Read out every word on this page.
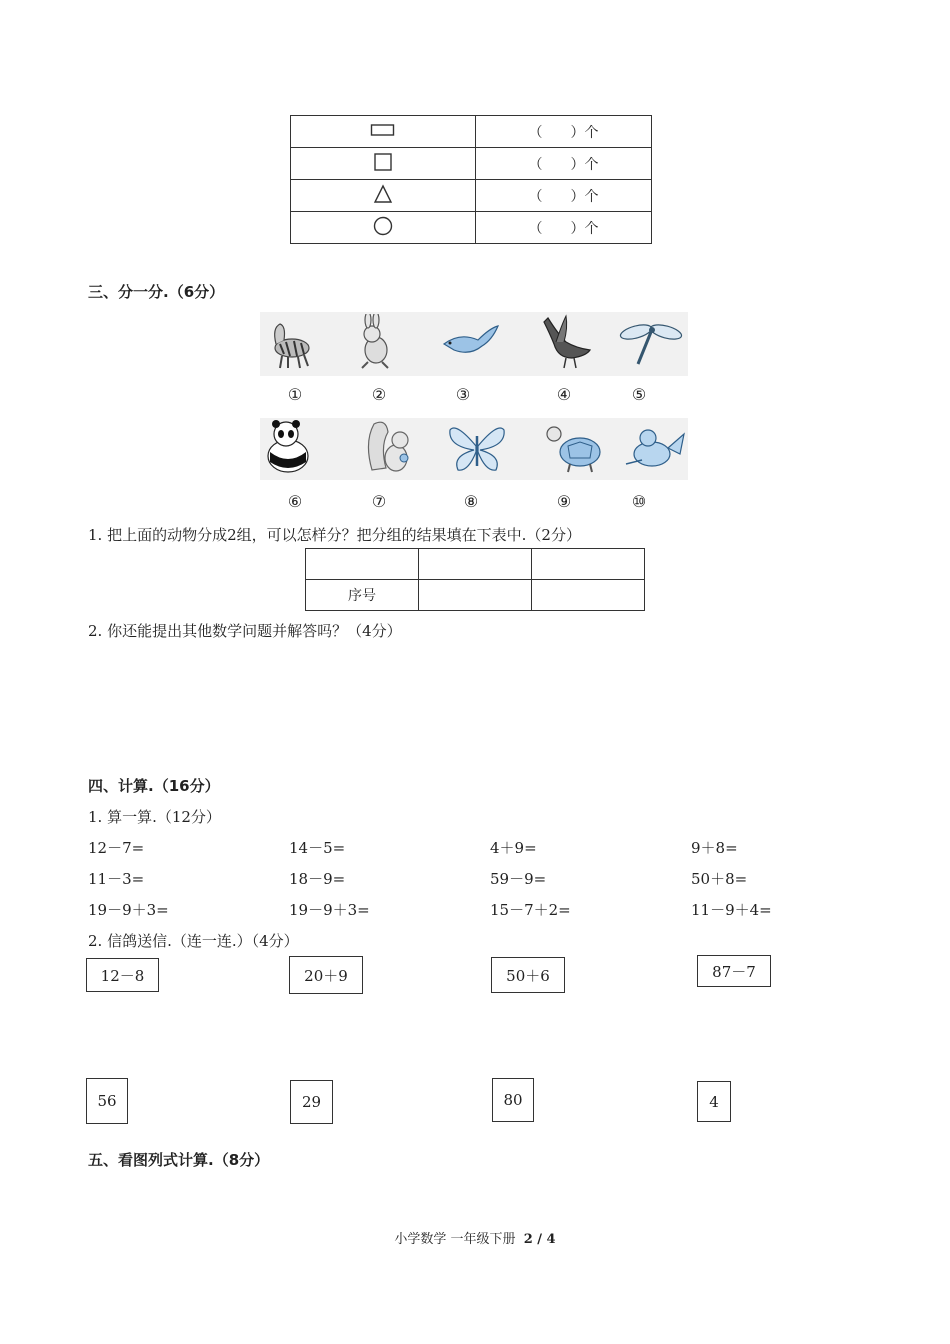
	（　　）个
	（　　）个
	（　　）个
	（　　）个
三、分一分.（6分）
①	②	③	④	⑤
⑥	⑦	⑧	⑨	⑩
1. 把上面的动物分成2组，可以怎样分？把分组的结果填在下表中.（2分）

序号		
2. 你还能提出其他数学问题并解答吗？（4分）
四、计算.（16分）
1. 算一算.（12分）
12－7=	14－5=	4＋9=	9＋8=
11－3=	18－9=	59－9=	50＋8=
19－9＋3=	19－9＋3=	15－7＋2=	11－9＋4=
2. 信鸽送信.（连一连.）（4分）
12－8	20＋9	50＋6	87－7
56	29	80	4
五、看图列式计算.（8分）
小学数学 一年级下册 2 / 4
